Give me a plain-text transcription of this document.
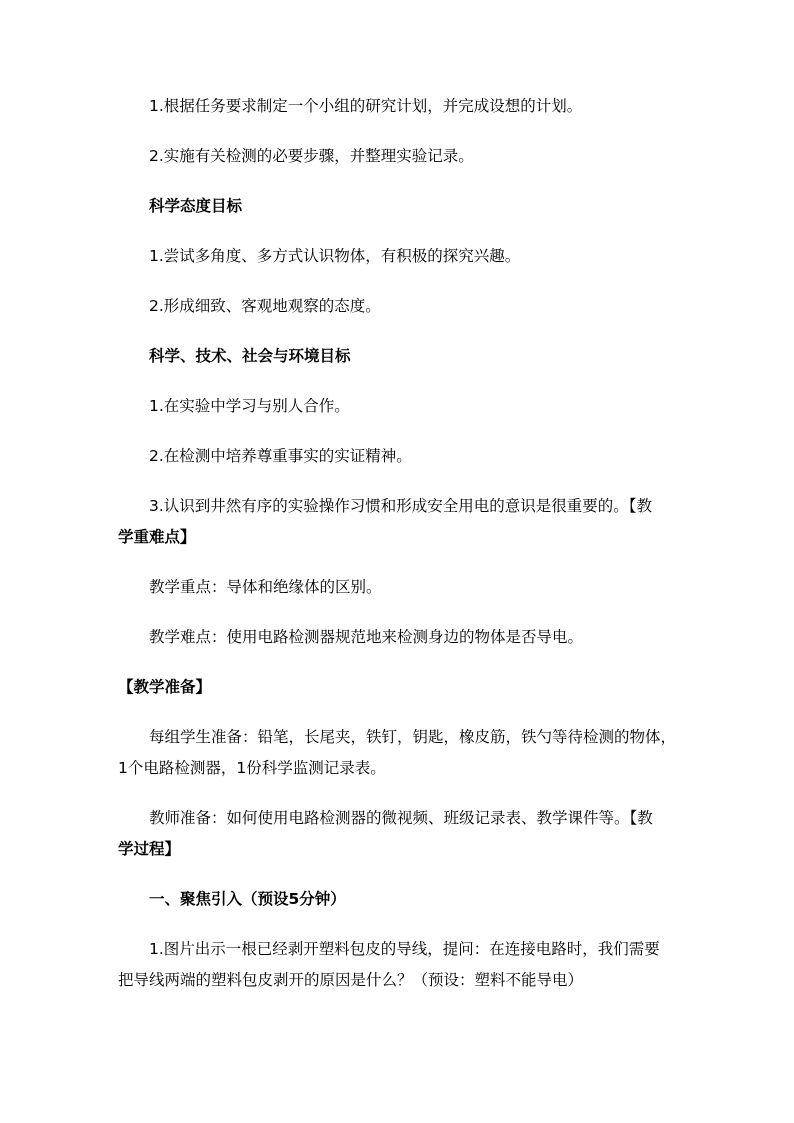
1.根据任务要求制定一个小组的研究计划，并完成设想的计划。

2.实施有关检测的必要步骤，并整理实验记录。

科学态度目标

1.尝试多角度、多方式认识物体，有积极的探究兴趣。

2.形成细致、客观地观察的态度。

科学、技术、社会与环境目标

1.在实验中学习与别人合作。

2.在检测中培养尊重事实的实证精神。

3.认识到井然有序的实验操作习惯和形成安全用电的意识是很重要的。【教

学重难点】

教学重点：导体和绝缘体的区别。

教学难点：使用电路检测器规范地来检测身边的物体是否导电。

【教学准备】

每组学生准备：铅笔，长尾夹，铁钉，钥匙，橡皮筋，铁勺等待检测的物体，

1个电路检测器，1份科学监测记录表。

教师准备：如何使用电路检测器的微视频、班级记录表、教学课件等。【教

学过程】

一、聚焦引入（预设5分钟）

1.图片出示一根已经剥开塑料包皮的导线，提问：在连接电路时，我们需要

把导线两端的塑料包皮剥开的原因是什么？（预设：塑料不能导电）
